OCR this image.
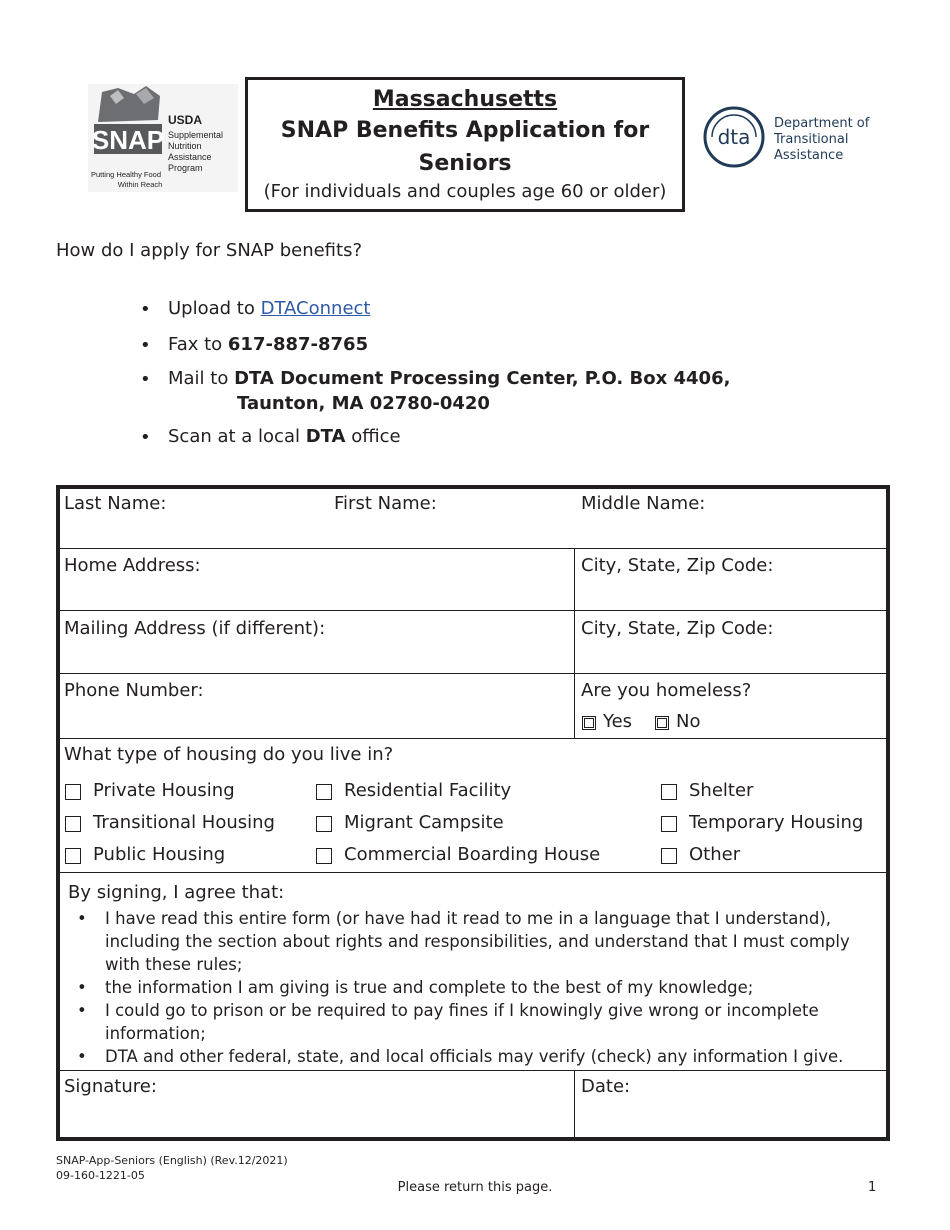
SNAP
USDA
Supplemental
Nutrition
Assistance
Program
Putting Healthy Food
Within Reach
Massachusetts
SNAP Benefits Application for
Seniors
(For individuals and couples age 60 or older)
dta
Department of
Transitional
Assistance
How do I apply for SNAP benefits?
• Upload to DTAConnect
• Fax to 617-887-8765
• Mail to DTA Document Processing Center, P.O. Box 4406,
Taunton, MA 02780-0420
• Scan at a local DTA office
Last Name:	First Name:	Middle Name:
Home Address:	City, State, Zip Code:
Mailing Address (if different):	City, State, Zip Code:
Phone Number:	Are you homeless?
Yes No
What type of housing do you live in?
Private Housing	Residential Facility	Shelter
Transitional Housing	Migrant Campsite	Temporary Housing
Public Housing	Commercial Boarding House	Other
By signing, I agree that:
• I have read this entire form (or have had it read to me in a language that I understand), including the section about rights and responsibilities, and understand that I must comply with these rules;
• the information I am giving is true and complete to the best of my knowledge;
• I could go to prison or be required to pay fines if I knowingly give wrong or incomplete information;
• DTA and other federal, state, and local officials may verify (check) any information I give.
Signature:	Date:
SNAP-App-Seniors (English) (Rev.12/2021)
09-160-1221-05
Please return this page.	1
